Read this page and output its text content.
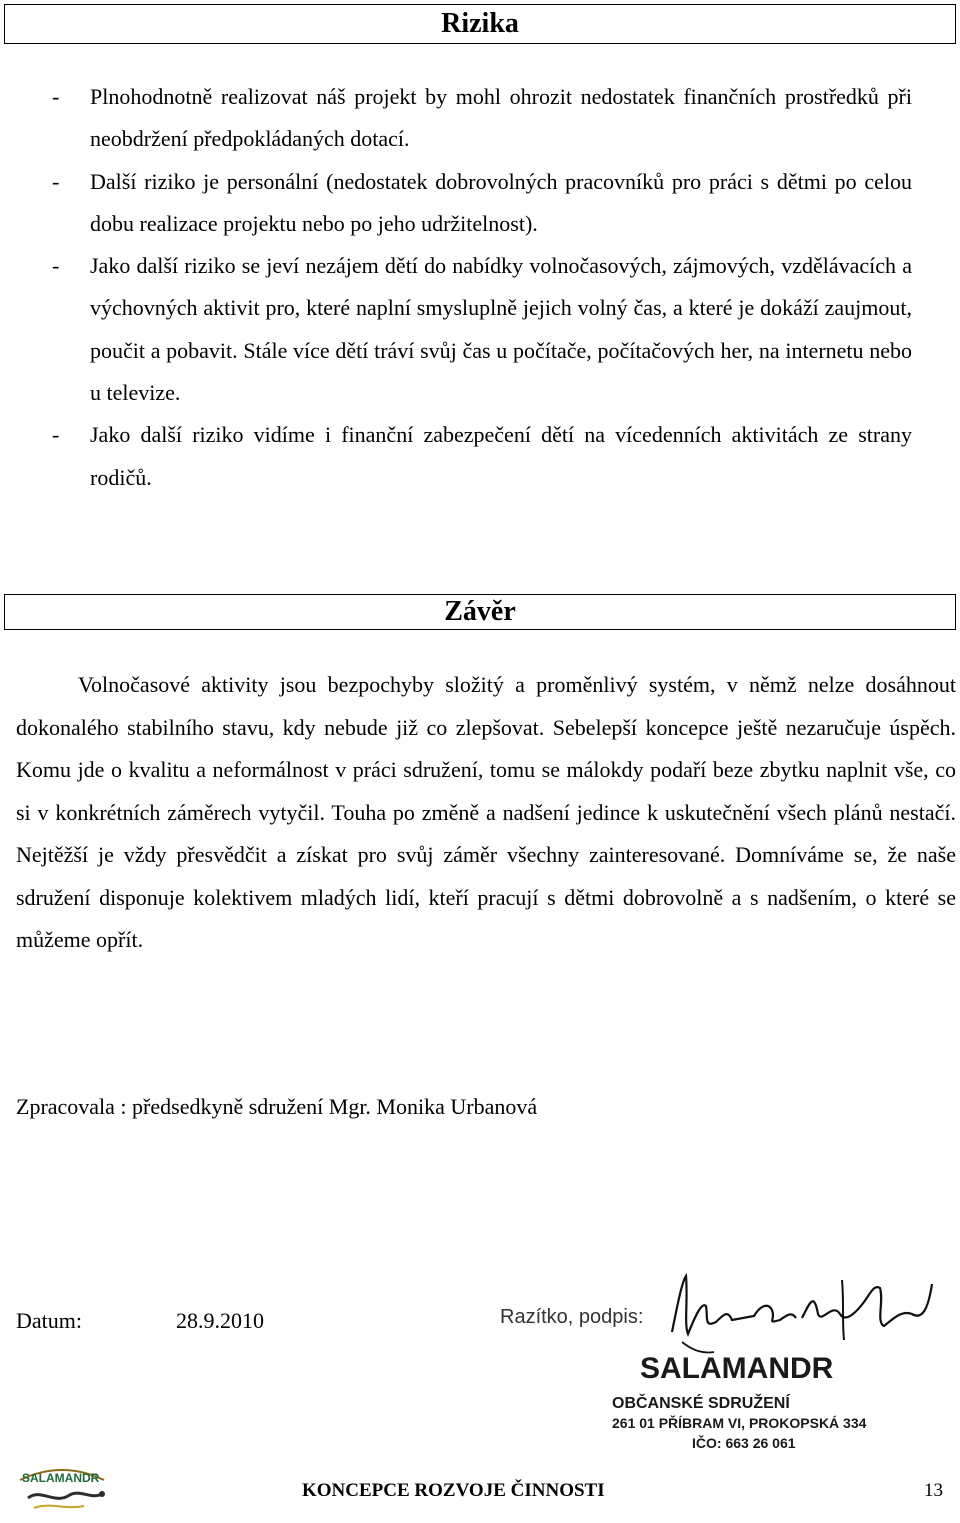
Rizika
- Plnohodnotně realizovat náš projekt by mohl ohrozit nedostatek finančních prostředků při neobdržení předpokládaných dotací.
- Další riziko je personální (nedostatek dobrovolných pracovníků pro práci s dětmi po celou dobu realizace projektu nebo po jeho udržitelnost).
- Jako další riziko se jeví nezájem dětí do nabídky volnočasových, zájmových, vzdělávacích a výchovných aktivit pro, které naplní smysluplně jejich volný čas, a které je dokáží zaujmout, poučit a pobavit. Stále více dětí tráví svůj čas u počítače, počítačových her, na internetu nebo u televize.
- Jako další riziko vidíme i finanční zabezpečení dětí na vícedenních aktivitách ze strany rodičů.
Závěr

Volnočasové aktivity jsou bezpochyby složitý a proměnlivý systém, v němž nelze dosáhnout dokonalého stabilního stavu, kdy nebude již co zlepšovat. Sebelepší koncepce ještě nezaručuje úspěch. Komu jde o kvalitu a neformálnost v práci sdružení, tomu se málokdy podaří beze zbytku naplnit vše, co si v konkrétních záměrech vytyčil. Touha po změně a nadšení jedince k uskutečnění všech plánů nestačí. Nejtěžší je vždy přesvědčit a získat pro svůj záměr všechny zainteresované. Domníváme se, že naše sdružení disponuje kolektivem mladých lidí, kteří pracují s dětmi dobrovolně a s nadšením, o které se můžeme opřít.

Zpracovala : předsedkyně sdružení Mgr. Monika Urbanová

Datum:	28.9.2010	Razítko, podpis:
SALAMANDR
OBČANSKÉ SDRUŽENÍ
261 01 PŘÍBRAM VI, PROKOPSKÁ 334
IČO: 663 26 061
SALAMANDR
KONCEPCE ROZVOJE ČINNOSTI	13
